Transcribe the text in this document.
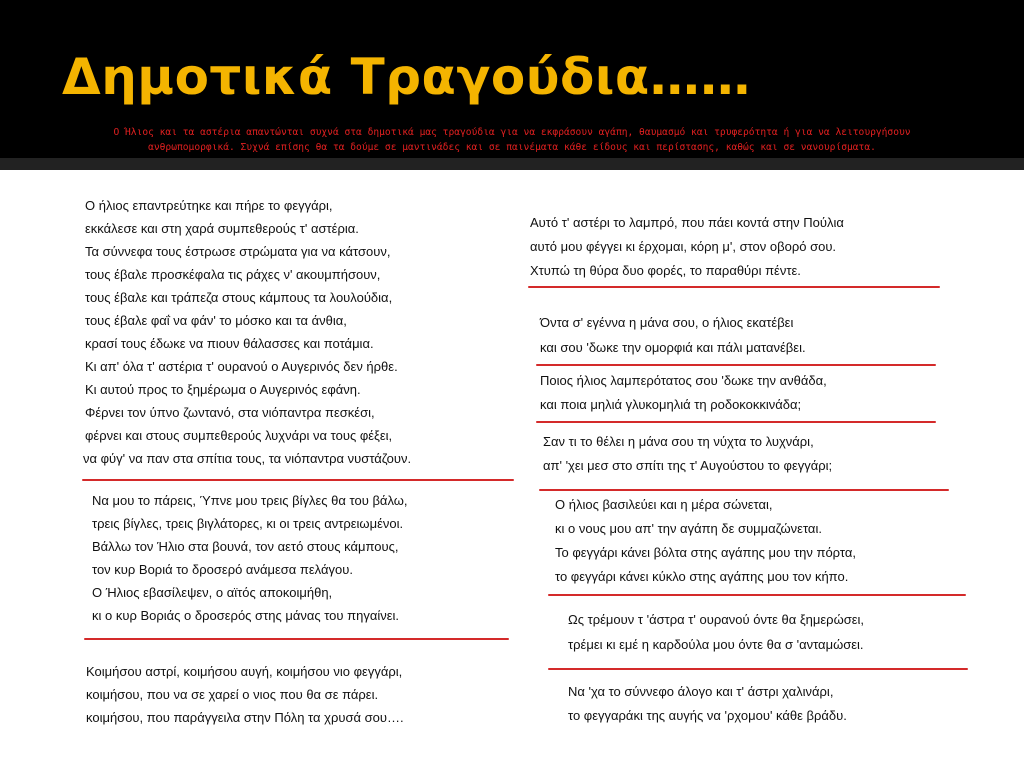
Δημοτικά Τραγούδια……
Ο Ήλιος και τα αστέρια απαντώνται συχνά στα δημοτικά μας τραγούδια για να εκφράσουν αγάπη, θαυμασμό και τρυφερότητα ή για να λειτουργήσουν
ανθρωπομορφικά. Συχνά επίσης θα τα δούμε σε μαντινάδες και σε παινέματα κάθε είδους και περίστασης, καθώς και σε νανουρίσματα.
Ο ήλιος επαντρεύτηκε και πήρε το φεγγάρι,
εκκάλεσε και στη χαρά συμπεθερούς τ' αστέρια.
Τα σύννεφα τους έστρωσε στρώματα για να κάτσουν,
τους έβαλε προσκέφαλα τις ράχες ν' ακουμπήσουν,
τους έβαλε και τράπεζα στους κάμπους τα λουλούδια,
τους έβαλε φαΐ να φάν' το μόσκο και τα άνθια,
κρασί τους έδωκε να πιουν θάλασσες και ποτάμια.
Κι απ' όλα τ' αστέρια τ' ουρανού ο Αυγερινός δεν ήρθε.
Κι αυτού προς το ξημέρωμα ο Αυγερινός εφάνη.
Φέρνει τον ύπνο ζωντανό, στα νιόπαντρα πεσκέσι,
φέρνει και στους συμπεθερούς λυχνάρι να τους φέξει,
να φύγ' να παν στα σπίτια τους, τα νιόπαντρα νυστάζουν.
Να μου το πάρεις, Ύπνε μου τρεις βίγλες θα του βάλω,
τρεις βίγλες, τρεις βιγλάτορες, κι οι τρεις αντρειωμένοι.
Βάλλω τον Ήλιο στα βουνά, τον αετό στους κάμπους,
τον κυρ Βοριά το δροσερό ανάμεσα πελάγου.
Ο Ήλιος εβασίλεψεν, ο αϊτός αποκοιμήθη,
κι ο κυρ Βοριάς ο δροσερός στης μάνας του πηγαίνει.
Κοιμήσου αστρί, κοιμήσου αυγή, κοιμήσου νιο φεγγάρι,
κοιμήσου, που να σε χαρεί ο νιος που θα σε πάρει.
κοιμήσου, που παράγγειλα στην Πόλη τα χρυσά σου….
Αυτό τ' αστέρι το λαμπρό, που πάει κοντά στην Πούλια
αυτό μου φέγγει κι έρχομαι, κόρη μ', στον οβορό σου.
Χτυπώ τη θύρα δυο φορές, το παραθύρι πέντε.
Όντα σ' εγέννα η μάνα σου, ο ήλιος εκατέβει
και σου 'δωκε την ομορφιά και πάλι ματανέβει.
Ποιος ήλιος λαμπερότατος σου 'δωκε την ανθάδα,
και ποια μηλιά γλυκομηλιά τη ροδοκοκκινάδα;
Σαν τι το θέλει η μάνα σου τη νύχτα το λυχνάρι,
απ' 'χει μεσ στο σπίτι της τ' Αυγούστου το φεγγάρι;
Ο ήλιος βασιλεύει και η μέρα σώνεται,
κι ο νους μου απ' την αγάπη δε συμμαζώνεται.
Το φεγγάρι κάνει βόλτα στης αγάπης μου την πόρτα,
το φεγγάρι κάνει κύκλο στης αγάπης μου τον κήπο.
Ως τρέμουν τ 'άστρα τ' ουρανού όντε θα ξημερώσει,
τρέμει κι εμέ η καρδούλα μου όντε θα σ 'ανταμώσει.
Να 'χα το σύννεφο άλογο και τ' άστρι χαλινάρι,
το φεγγαράκι της αυγής να 'ρχομου' κάθε βράδυ.
